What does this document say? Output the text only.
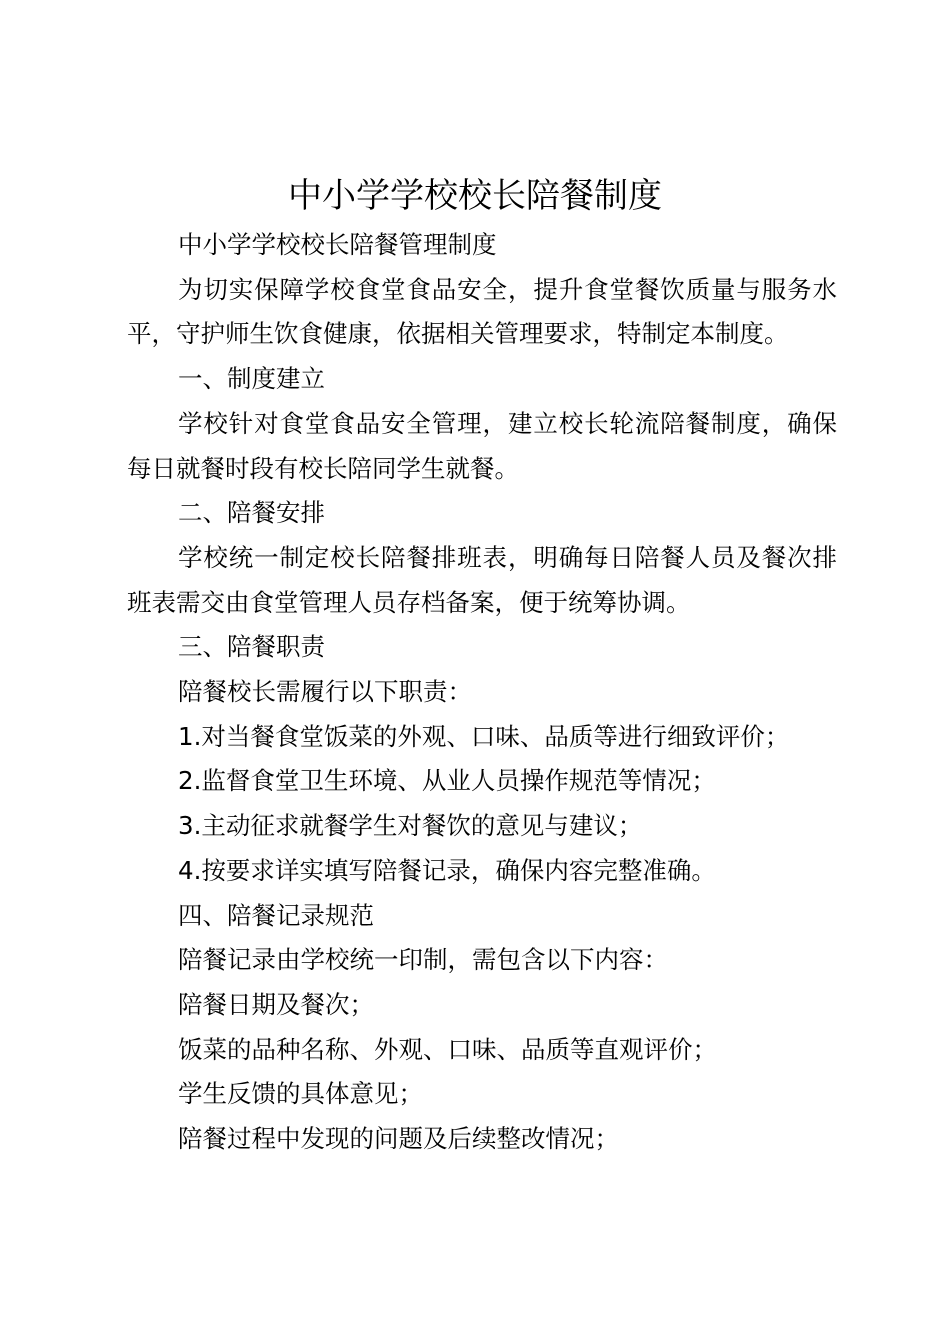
中小学学校校长陪餐制度

中小学学校校长陪餐管理制度

为切实保障学校食堂食品安全，提升食堂餐饮质量与服务水平，守护师生饮食健康，依据相关管理要求，特制定本制度。

一、制度建立

学校针对食堂食品安全管理，建立校长轮流陪餐制度，确保每日就餐时段有校长陪同学生就餐。

二、陪餐安排

学校统一制定校长陪餐排班表，明确每日陪餐人员及餐次排班表需交由食堂管理人员存档备案，便于统筹协调。

三、陪餐职责

陪餐校长需履行以下职责：

1.对当餐食堂饭菜的外观、口味、品质等进行细致评价；

2.监督食堂卫生环境、从业人员操作规范等情况；

3.主动征求就餐学生对餐饮的意见与建议；

4.按要求详实填写陪餐记录，确保内容完整准确。

四、陪餐记录规范

陪餐记录由学校统一印制，需包含以下内容：

陪餐日期及餐次；

饭菜的品种名称、外观、口味、品质等直观评价；

学生反馈的具体意见；

陪餐过程中发现的问题及后续整改情况；
